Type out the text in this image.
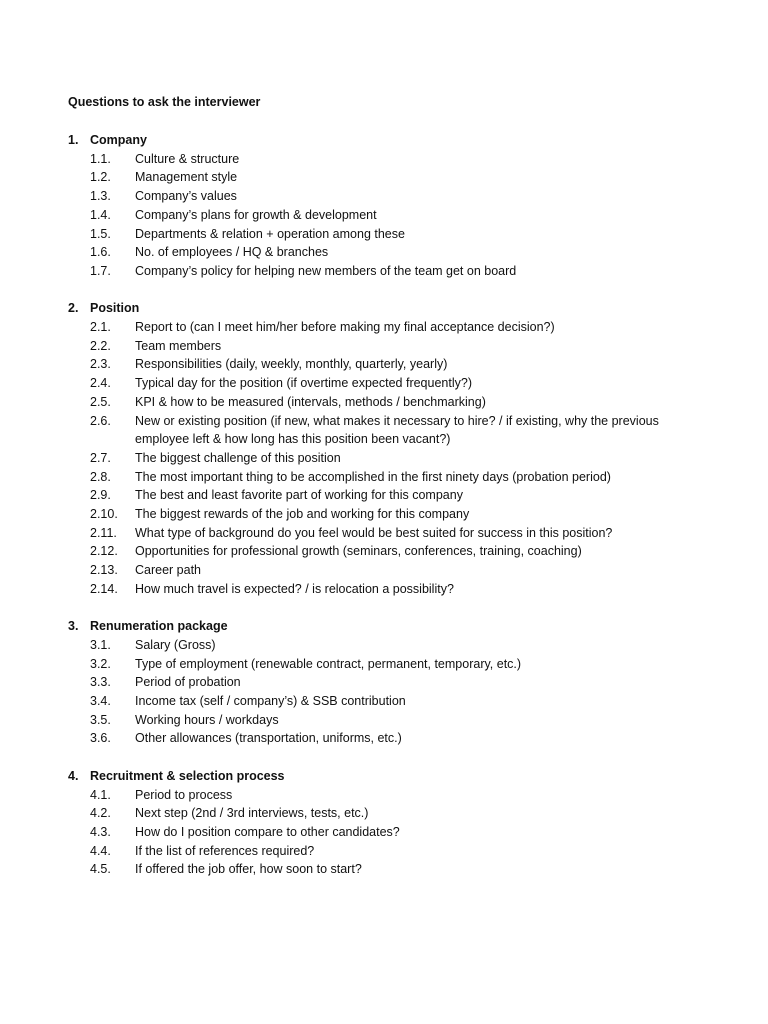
Questions to ask the interviewer
1. Company
1.1.	Culture & structure
1.2.	Management style
1.3.	Company’s values
1.4.	Company’s plans for growth & development
1.5.	Departments & relation + operation among these
1.6.	No. of employees / HQ & branches
1.7.	Company’s policy for helping new members of the team get on board
2. Position
2.1.	Report to (can I meet him/her before making my final acceptance decision?)
2.2.	Team members
2.3.	Responsibilities (daily, weekly, monthly, quarterly, yearly)
2.4.	Typical day for the position (if overtime expected frequently?)
2.5.	KPI & how to be measured (intervals, methods / benchmarking)
2.6.	New or existing position (if new, what makes it necessary to hire? / if existing, why the previous employee left & how long has this position been vacant?)
2.7.	The biggest challenge of this position
2.8.	The most important thing to be accomplished in the first ninety days (probation period)
2.9.	The best and least favorite part of working for this company
2.10.	The biggest rewards of the job and working for this company
2.11.	What type of background do you feel would be best suited for success in this position?
2.12.	Opportunities for professional growth (seminars, conferences, training, coaching)
2.13.	Career path
2.14.	How much travel is expected? / is relocation a possibility?
3. Renumeration package
3.1.	Salary (Gross)
3.2.	Type of employment (renewable contract, permanent, temporary, etc.)
3.3.	Period of probation
3.4.	Income tax (self / company’s) & SSB contribution
3.5.	Working hours / workdays
3.6.	Other allowances (transportation, uniforms, etc.)
4. Recruitment & selection process
4.1.	Period to process
4.2.	Next step (2nd / 3rd interviews, tests, etc.)
4.3.	How do I position compare to other candidates?
4.4.	If the list of references required?
4.5.	If offered the job offer, how soon to start?
